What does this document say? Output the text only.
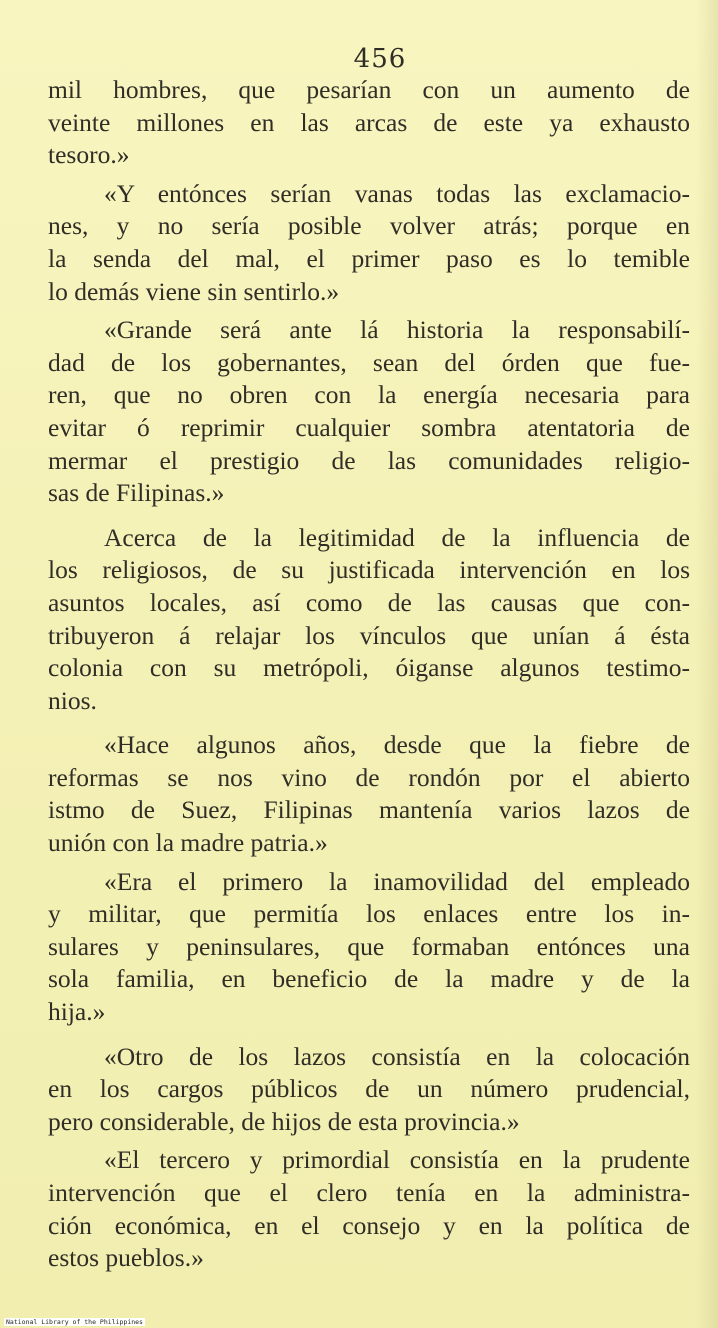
456

mil hombres, que pesarían con un aumento de
veinte millones en las arcas de este ya exhausto
tesoro.»

«Y entónces serían vanas todas las exclamacio-
nes, y no sería posible volver atrás; porque en
la senda del mal, el primer paso es lo temible
lo demás viene sin sentirlo.»

«Grande será ante lá historia la responsabilí-
dad de los gobernantes, sean del órden que fue-
ren, que no obren con la energía necesaria para
evitar ó reprimir cualquier sombra atentatoria de
mermar el prestigio de las comunidades religio-
sas de Filipinas.»

Acerca de la legitimidad de la influencia de
los religiosos, de su justificada intervención en los
asuntos locales, así como de las causas que con-
tribuyeron á relajar los vínculos que unían á ésta
colonia con su metrópoli, óiganse algunos testimo-
nios.

«Hace algunos años, desde que la fiebre de
reformas se nos vino de rondón por el abierto
istmo de Suez, Filipinas mantenía varios lazos de
unión con la madre patria.»

«Era el primero la inamovilidad del empleado
y militar, que permitía los enlaces entre los in-
sulares y peninsulares, que formaban entónces una
sola familia, en beneficio de la madre y de la
hija.»

«Otro de los lazos consistía en la colocación
en los cargos públicos de un número prudencial,
pero considerable, de hijos de esta provincia.»

«El tercero y primordial consistía en la prudente
intervención que el clero tenía en la administra-
ción económica, en el consejo y en la política de
estos pueblos.»

National Library of the Philippines
